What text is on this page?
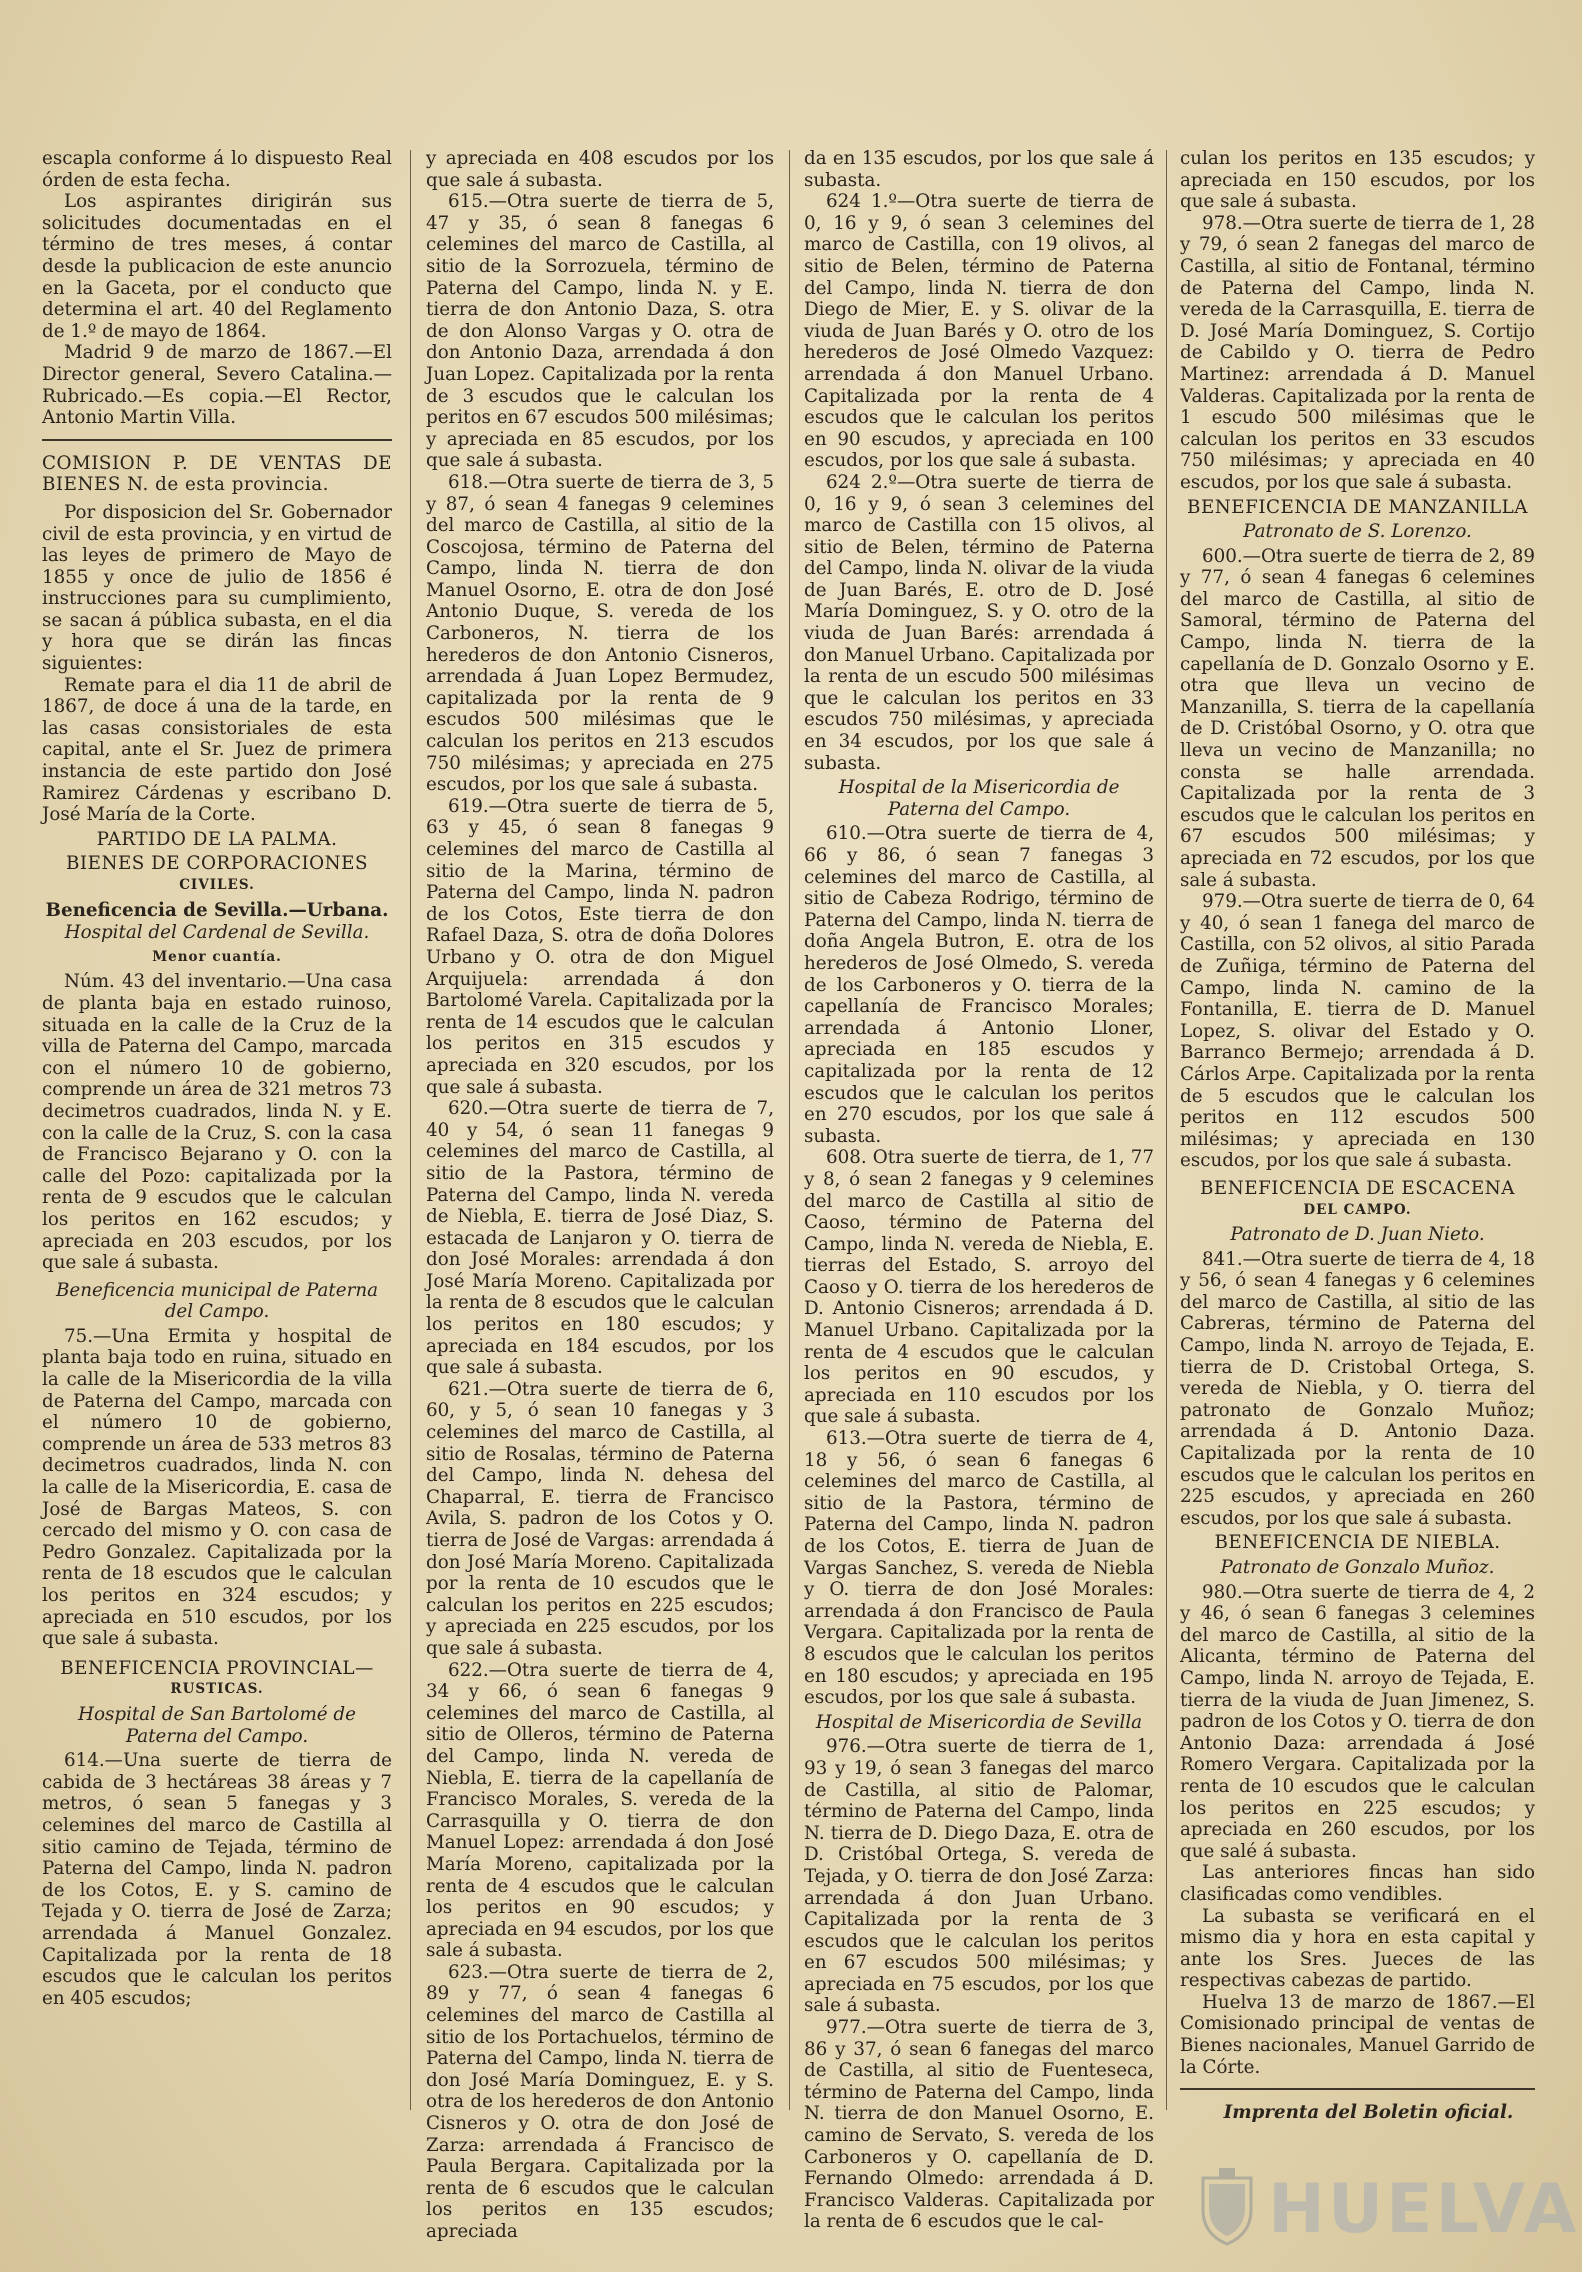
escapla conforme á lo dispuesto Real órden de esta fecha.

Los aspirantes dirigirán sus solicitudes documentadas en el término de tres meses, á contar desde la publicacion de este anuncio en la Gaceta, por el conducto que determina el art. 40 del Reglamento de 1.º de mayo de 1864.

Madrid 9 de marzo de 1867.—El Director general, Severo Catalina.—Rubricado.—Es copia.—El Rector, Antonio Martin Villa.

COMISION P. DE VENTAS DE BIENES N. de esta provincia.

Por disposicion del Sr. Gobernador civil de esta provincia, y en virtud de las leyes de primero de Mayo de 1855 y once de julio de 1856 é instrucciones para su cumplimiento, se sacan á pública subasta, en el dia y hora que se dirán las fincas siguientes:

Remate para el dia 11 de abril de 1867, de doce á una de la tarde, en las casas consistoriales de esta capital, ante el Sr. Juez de primera instancia de este partido don José Ramirez Cárdenas y escribano D. José María de la Corte.

PARTIDO DE LA PALMA.

BIENES DE CORPORACIONES

CIVILES.

Beneficencia de Sevilla.—Urbana.

Hospital del Cardenal de Sevilla.

Menor cuantía.

Núm. 43 del inventario.—Una casa de planta baja en estado ruinoso, situada en la calle de la Cruz de la villa de Paterna del Campo, marcada con el número 10 de gobierno, comprende un área de 321 metros 73 decimetros cuadrados, linda N. y E. con la calle de la Cruz, S. con la casa de Francisco Bejarano y O. con la calle del Pozo: capitalizada por la renta de 9 escudos que le calculan los peritos en 162 escudos; y apreciada en 203 escudos, por los que sale á subasta.

Beneficencia municipal de Paterna del Campo.

75.—Una Ermita y hospital de planta baja todo en ruina, situado en la calle de la Misericordia de la villa de Paterna del Campo, marcada con el número 10 de gobierno, comprende un área de 533 metros 83 decimetros cuadrados, linda N. con la calle de la Misericordia, E. casa de José de Bargas Mateos, S. con cercado del mismo y O. con casa de Pedro Gonzalez. Capitalizada por la renta de 18 escudos que le calculan los peritos en 324 escudos; y apreciada en 510 escudos, por los que sale á subasta.

BENEFICENCIA PROVINCIAL—

RUSTICAS.

Hospital de San Bartolomé de Paterna del Campo.

614.—Una suerte de tierra de cabida de 3 hectáreas 38 áreas y 7 metros, ó sean 5 fanegas y 3 celemines del marco de Castilla al sitio camino de Tejada, término de Paterna del Campo, linda N. padron de los Cotos, E. y S. camino de Tejada y O. tierra de José de Zarza; arrendada á Manuel Gonzalez. Capitalizada por la renta de 18 escudos que le calculan los peritos en 405 escudos;

y apreciada en 408 escudos por los que sale á subasta.

615.—Otra suerte de tierra de 5, 47 y 35, ó sean 8 fanegas 6 celemines del marco de Castilla, al sitio de la Sorrozuela, término de Paterna del Campo, linda N. y E. tierra de don Antonio Daza, S. otra de don Alonso Vargas y O. otra de don Antonio Daza, arrendada á don Juan Lopez. Capitalizada por la renta de 3 escudos que le calculan los peritos en 67 escudos 500 milésimas; y apreciada en 85 escudos, por los que sale á subasta.

618.—Otra suerte de tierra de 3, 5 y 87, ó sean 4 fanegas 9 celemines del marco de Castilla, al sitio de la Coscojosa, término de Paterna del Campo, linda N. tierra de don Manuel Osorno, E. otra de don José Antonio Duque, S. vereda de los Carboneros, N. tierra de los herederos de don Antonio Cisneros, arrendada á Juan Lopez Bermudez, capitalizada por la renta de 9 escudos 500 milésimas que le calculan los peritos en 213 escudos 750 milésimas; y apreciada en 275 escudos, por los que sale á subasta.

619.—Otra suerte de tierra de 5, 63 y 45, ó sean 8 fanegas 9 celemines del marco de Castilla al sitio de la Marina, término de Paterna del Campo, linda N. padron de los Cotos, Este tierra de don Rafael Daza, S. otra de doña Dolores Urbano y O. otra de don Miguel Arquijuela: arrendada á don Bartolomé Varela. Capitalizada por la renta de 14 escudos que le calculan los peritos en 315 escudos y apreciada en 320 escudos, por los que sale á subasta.

620.—Otra suerte de tierra de 7, 40 y 54, ó sean 11 fanegas 9 celemines del marco de Castilla, al sitio de la Pastora, término de Paterna del Campo, linda N. vereda de Niebla, E. tierra de José Diaz, S. estacada de Lanjaron y O. tierra de don José Morales: arrendada á don José María Moreno. Capitalizada por la renta de 8 escudos que le calculan los peritos en 180 escudos; y apreciada en 184 escudos, por los que sale á subasta.

621.—Otra suerte de tierra de 6, 60, y 5, ó sean 10 fanegas y 3 celemines del marco de Castilla, al sitio de Rosalas, término de Paterna del Campo, linda N. dehesa del Chaparral, E. tierra de Francisco Avila, S. padron de los Cotos y O. tierra de José de Vargas: arrendada á don José María Moreno. Capitalizada por la renta de 10 escudos que le calculan los peritos en 225 escudos; y apreciada en 225 escudos, por los que sale á subasta.

622.—Otra suerte de tierra de 4, 34 y 66, ó sean 6 fanegas 9 celemines del marco de Castilla, al sitio de Olleros, término de Paterna del Campo, linda N. vereda de Niebla, E. tierra de la capellanía de Francisco Morales, S. vereda de la Carrasquilla y O. tierra de don Manuel Lopez: arrendada á don José María Moreno, capitalizada por la renta de 4 escudos que le calculan los peritos en 90 escudos; y apreciada en 94 escudos, por los que sale á subasta.

623.—Otra suerte de tierra de 2, 89 y 77, ó sean 4 fanegas 6 celemines del marco de Castilla al sitio de los Portachuelos, término de Paterna del Campo, linda N. tierra de don José María Dominguez, E. y S. otra de los herederos de don Antonio Cisneros y O. otra de don José de Zarza: arrendada á Francisco de Paula Bergara. Capitalizada por la renta de 6 escudos que le calculan los peritos en 135 escudos; apreciada

da en 135 escudos, por los que sale á subasta.

624 1.º—Otra suerte de tierra de 0, 16 y 9, ó sean 3 celemines del marco de Castilla, con 19 olivos, al sitio de Belen, término de Paterna del Campo, linda N. tierra de don Diego de Mier, E. y S. olivar de la viuda de Juan Barés y O. otro de los herederos de José Olmedo Vazquez: arrendada á don Manuel Urbano. Capitalizada por la renta de 4 escudos que le calculan los peritos en 90 escudos, y apreciada en 100 escudos, por los que sale á subasta.

624 2.º—Otra suerte de tierra de 0, 16 y 9, ó sean 3 celemines del marco de Castilla con 15 olivos, al sitio de Belen, término de Paterna del Campo, linda N. olivar de la viuda de Juan Barés, E. otro de D. José María Dominguez, S. y O. otro de la viuda de Juan Barés: arrendada á don Manuel Urbano. Capitalizada por la renta de un escudo 500 milésimas que le calculan los peritos en 33 escudos 750 milésimas, y apreciada en 34 escudos, por los que sale á subasta.

Hospital de la Misericordia de Paterna del Campo.

610.—Otra suerte de tierra de 4, 66 y 86, ó sean 7 fanegas 3 celemines del marco de Castilla, al sitio de Cabeza Rodrigo, término de Paterna del Campo, linda N. tierra de doña Angela Butron, E. otra de los herederos de José Olmedo, S. vereda de los Carboneros y O. tierra de la capellanía de Francisco Morales; arrendada á Antonio Lloner, apreciada en 185 escudos y capitalizada por la renta de 12 escudos que le calculan los peritos en 270 escudos, por los que sale á subasta.

608. Otra suerte de tierra, de 1, 77 y 8, ó sean 2 fanegas y 9 celemines del marco de Castilla al sitio de Caoso, término de Paterna del Campo, linda N. vereda de Niebla, E. tierras del Estado, S. arroyo del Caoso y O. tierra de los herederos de D. Antonio Cisneros; arrendada á D. Manuel Urbano. Capitalizada por la renta de 4 escudos que le calculan los peritos en 90 escudos, y apreciada en 110 escudos por los que sale á subasta.

613.—Otra suerte de tierra de 4, 18 y 56, ó sean 6 fanegas 6 celemines del marco de Castilla, al sitio de la Pastora, término de Paterna del Campo, linda N. padron de los Cotos, E. tierra de Juan de Vargas Sanchez, S. vereda de Niebla y O. tierra de don José Morales: arrendada á don Francisco de Paula Vergara. Capitalizada por la renta de 8 escudos que le calculan los peritos en 180 escudos; y apreciada en 195 escudos, por los que sale á subasta.

Hospital de Misericordia de Sevilla

976.—Otra suerte de tierra de 1, 93 y 19, ó sean 3 fanegas del marco de Castilla, al sitio de Palomar, término de Paterna del Campo, linda N. tierra de D. Diego Daza, E. otra de D. Cristóbal Ortega, S. vereda de Tejada, y O. tierra de don José Zarza: arrendada á don Juan Urbano. Capitalizada por la renta de 3 escudos que le calculan los peritos en 67 escudos 500 milésimas; y apreciada en 75 escudos, por los que sale á subasta.

977.—Otra suerte de tierra de 3, 86 y 37, ó sean 6 fanegas del marco de Castilla, al sitio de Fuenteseca, término de Paterna del Campo, linda N. tierra de don Manuel Osorno, E. camino de Servato, S. vereda de los Carboneros y O. capellanía de D. Fernando Olmedo: arrendada á D. Francisco Valderas. Capitalizada por la renta de 6 escudos que le cal-

culan los peritos en 135 escudos; y apreciada en 150 escudos, por los que sale á subasta.

978.—Otra suerte de tierra de 1, 28 y 79, ó sean 2 fanegas del marco de Castilla, al sitio de Fontanal, término de Paterna del Campo, linda N. vereda de la Carrasquilla, E. tierra de D. José María Dominguez, S. Cortijo de Cabildo y O. tierra de Pedro Martinez: arrendada á D. Manuel Valderas. Capitalizada por la renta de 1 escudo 500 milésimas que le calculan los peritos en 33 escudos 750 milésimas; y apreciada en 40 escudos, por los que sale á subasta.

BENEFICENCIA DE MANZANILLA

Patronato de S. Lorenzo.

600.—Otra suerte de tierra de 2, 89 y 77, ó sean 4 fanegas 6 celemines del marco de Castilla, al sitio de Samoral, término de Paterna del Campo, linda N. tierra de la capellanía de D. Gonzalo Osorno y E. otra que lleva un vecino de Manzanilla, S. tierra de la capellanía de D. Cristóbal Osorno, y O. otra que lleva un vecino de Manzanilla; no consta se halle arrendada. Capitalizada por la renta de 3 escudos que le calculan los peritos en 67 escudos 500 milésimas; y apreciada en 72 escudos, por los que sale á subasta.

979.—Otra suerte de tierra de 0, 64 y 40, ó sean 1 fanega del marco de Castilla, con 52 olivos, al sitio Parada de Zuñiga, término de Paterna del Campo, linda N. camino de la Fontanilla, E. tierra de D. Manuel Lopez, S. olivar del Estado y O. Barranco Bermejo; arrendada á D. Cárlos Arpe. Capitalizada por la renta de 5 escudos que le calculan los peritos en 112 escudos 500 milésimas; y apreciada en 130 escudos, por los que sale á subasta.

BENEFICENCIA DE ESCACENA

DEL CAMPO.

Patronato de D. Juan Nieto.

841.—Otra suerte de tierra de 4, 18 y 56, ó sean 4 fanegas y 6 celemines del marco de Castilla, al sitio de las Cabreras, término de Paterna del Campo, linda N. arroyo de Tejada, E. tierra de D. Cristobal Ortega, S. vereda de Niebla, y O. tierra del patronato de Gonzalo Muñoz; arrendada á D. Antonio Daza. Capitalizada por la renta de 10 escudos que le calculan los peritos en 225 escudos, y apreciada en 260 escudos, por los que sale á subasta.

BENEFICENCIA DE NIEBLA.

Patronato de Gonzalo Muñoz.

980.—Otra suerte de tierra de 4, 2 y 46, ó sean 6 fanegas 3 celemines del marco de Castilla, al sitio de la Alicanta, término de Paterna del Campo, linda N. arroyo de Tejada, E. tierra de la viuda de Juan Jimenez, S. padron de los Cotos y O. tierra de don Antonio Daza: arrendada á José Romero Vergara. Capitalizada por la renta de 10 escudos que le calculan los peritos en 225 escudos; y apreciada en 260 escudos, por los que salé á subasta.

Las anteriores fincas han sido clasificadas como vendibles.

La subasta se verificará en el mismo dia y hora en esta capital y ante los Sres. Jueces de las respectivas cabezas de partido.

Huelva 13 de marzo de 1867.—El Comisionado principal de ventas de Bienes nacionales, Manuel Garrido de la Córte.

Imprenta del Boletin oficial.

HUELVA
